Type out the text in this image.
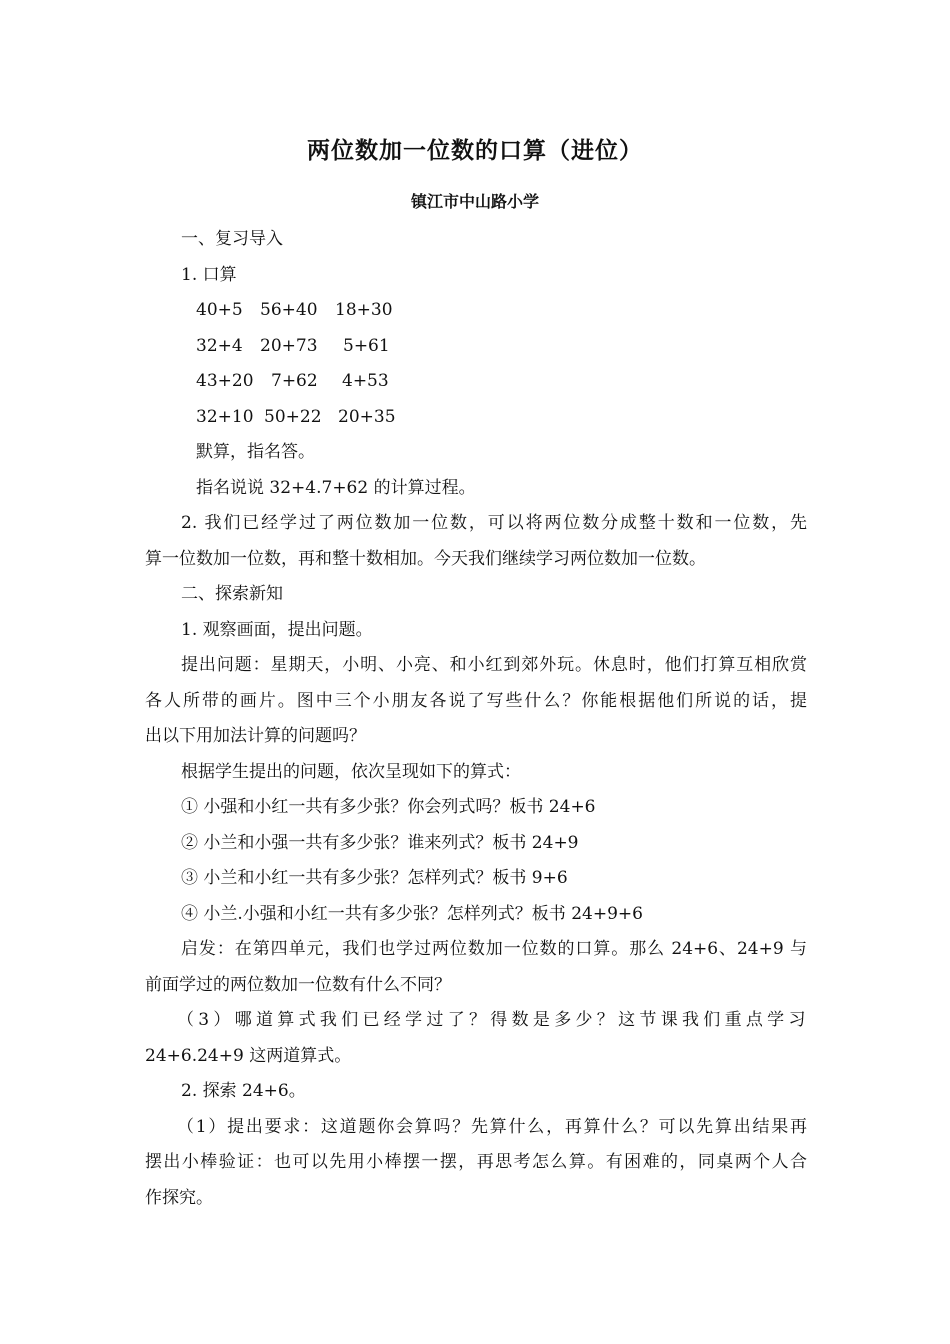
两位数加一位数的口算（进位）
镇江市中山路小学
一、复习导入
1. 口算
40+5 56+40 18+30
32+4 20+73 5+61
43+20 7+62 4+53
32+10 50+22 20+35
默算，指名答。
指名说说 32+4.7+62 的计算过程。
2. 我们已经学过了两位数加一位数，可以将两位数分成整十数和一位数，先
算一位数加一位数，再和整十数相加。今天我们继续学习两位数加一位数。
二、探索新知
1. 观察画面，提出问题。
提出问题：星期天，小明、小亮、和小红到郊外玩。休息时，他们打算互相欣赏
各人所带的画片。图中三个小朋友各说了写些什么？你能根据他们所说的话，提
出以下用加法计算的问题吗？
根据学生提出的问题，依次呈现如下的算式：
① 小强和小红一共有多少张？你会列式吗？板书 24+6
② 小兰和小强一共有多少张？谁来列式？板书 24+9
③ 小兰和小红一共有多少张？怎样列式？板书 9+6
④ 小兰.小强和小红一共有多少张？怎样列式？板书 24+9+6
启发：在第四单元，我们也学过两位数加一位数的口算。那么 24+6、24+9 与
前面学过的两位数加一位数有什么不同？
（3）哪道算式我们已经学过了？得数是多少？这节课我们重点学习
24+6.24+9 这两道算式。
2. 探索 24+6。
（1）提出要求：这道题你会算吗？先算什么，再算什么？可以先算出结果再
摆出小棒验证：也可以先用小棒摆一摆，再思考怎么算。有困难的，同桌两个人合
作探究。
